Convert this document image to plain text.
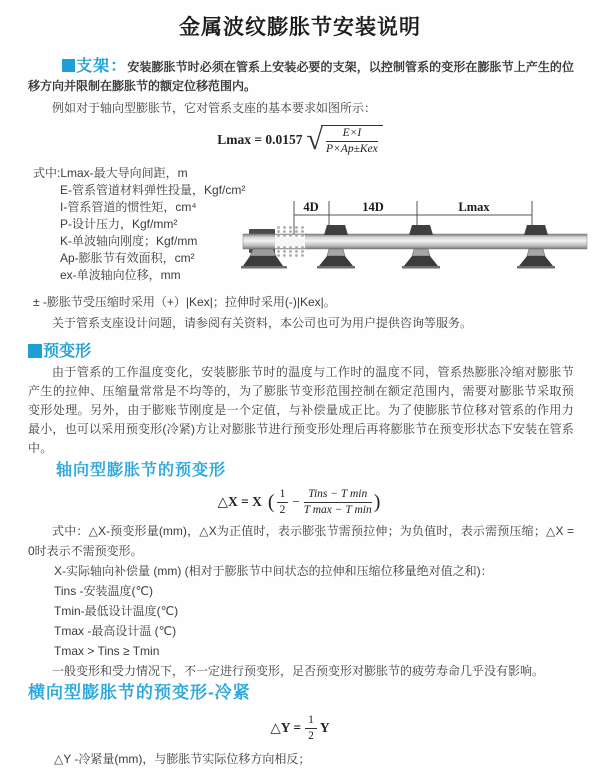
金属波纹膨胀节安装说明

支架：安装膨胀节时必须在管系上安装必要的支架，以控制管系的变形在膨胀节上产生的位移方向并限制在膨胀节的额定位移范围内。

例如对于轴向型膨胀节，它对管系支座的基本要求如图所示：

Lmax = 0.0157 √ $\frac{E\times I}{\text{P×Ap±Kex}}$
式中:Lmax-最大导向间距，m
E-管系管道材料弹性投量，Kgf/cm²
I-管系管道的惯性矩，cm⁴
P-设计压力，Kgf/mm²
K-单波轴向刚度；Kgf/mm
Ap-膨胀节有效面积，cm²
ex-单波轴向位移，mm
4D	14D	Lmax

± -膨胀节受压缩时采用（+）|Kex|；拉伸时采用(-)|Kex|。

关于管系支座设计问题，请参阅有关资料，本公司也可为用户提供咨询等服务。

预变形

由于管系的工作温度变化，安装膨胀节时的温度与工作时的温度不同，管系热膨胀冷缩对膨胀节产生的拉伸、压缩量常常是不均等的，为了膨胀节变形范围控制在额定范围内，需要对膨胀节采取预变形处理。另外，由于膨账节刚度是一个定值，与补偿量成正比。为了使膨胀节位移对管系的作用力最小，也可以采用预变形(冷紧)方让对膨胀节进行预变形处理后再将膨胀节在预变形状态下安装在管系中。

轴向型膨胀节的预变形
△X = X ( $\frac{1}{2} - \frac{\text{Tins − T min}}{\text{T max − T min}}$ )

式中：△X-预变形量(mm)，△X为正值时，表示膨张节需预拉伸；为负值时，表示需预压缩；△X = 0时表示不需预变形。

X-实际轴向补偿量 (mm) (相对于膨胀节中间状态的拉伸和压缩位移量绝对值之和)：
Tins -安装温度(℃)
Tmin-最低设计温度(℃)
Tmax -最高设计温 (℃)
Tmax > Tins ≥ Tmin

一般变形和受力情况下，不一定进行预变形，足否预变形对膨胀节的疲劳寿命几乎没有影响。

横向型膨胀节的预变形-冷紧
△Y = $\frac{1}{2}$ Y
△Y -冷紧量(mm)，与膨胀节实际位移方向相反；
